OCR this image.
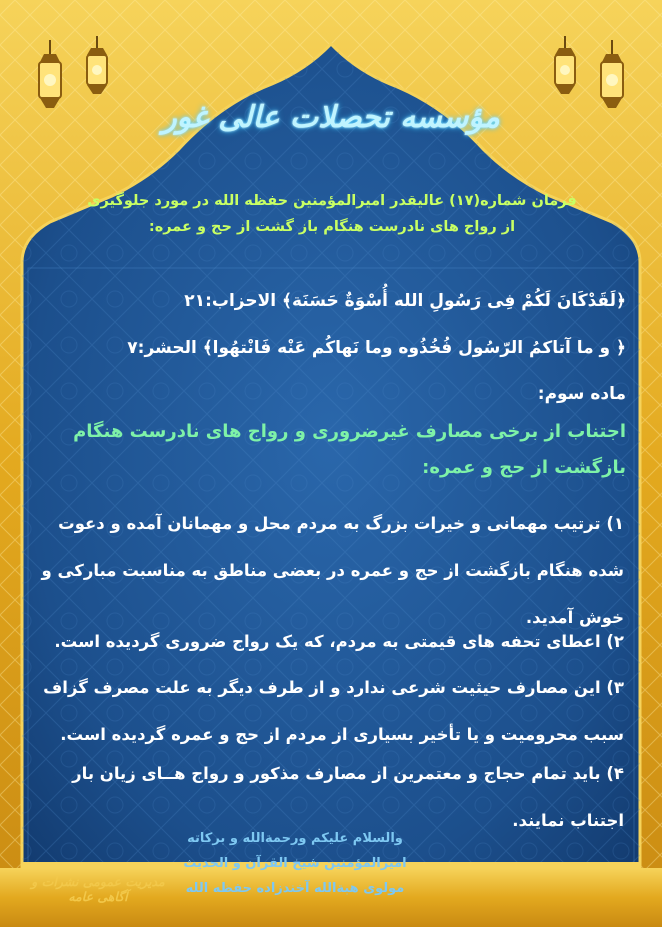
مؤسسه تحصلات عالی غور
فرمان شماره(۱۷) عالیقدر امیرالمؤمنین حفظه الله در مورد جلوگیری از رواج های نادرست هنگام باز گشت از حج و عمره:
﴿لَقَدْكَانَ لَكُمْ فِی رَسُولِ الله أُسْوَةٌ حَسَنَة﴾ الاحزاب:۲۱
﴿ و ما آتاکمُ الرّسُول فُخُذُوه وما نَهاکُم عَنْه فَانْتهُوا﴾ الحشر:۷
ماده سوم:
اجتناب از برخی مصارف غیرضروری و رواج های نادرست هنگام بازگشت از حج و عمره:
۱) ترتیب مهمانی و خیرات بزرگ به مردم محل و مهمانان آمده و دعوت شده هنگام بازگشت از حج و عمره در بعضی مناطق به مناسبت مبارکی و خوش آمدید.
۲) اعطای تحفه های قیمتی به مردم، که یک رواج ضروری گردیده است.
۳) این مصارف حیثیت شرعی ندارد و از طرف دیگر به علت مصرف گزاف سبب محرومیت و یا تأخیر بسیاری از مردم از حج و عمره گردیده است.
۴) باید تمام حجاج و معتمرین از مصارف مذکور و رواج هــای زیان بار اجتناب نمایند.
والسلام علیکم ورحمةالله و برکاته
امیرالمؤمنین شیخ القرآن و الحدیث
مولوی هبةالله آخندزاده حفظه الله
مدیریت عمومی نشرات و آگاهی عامه
